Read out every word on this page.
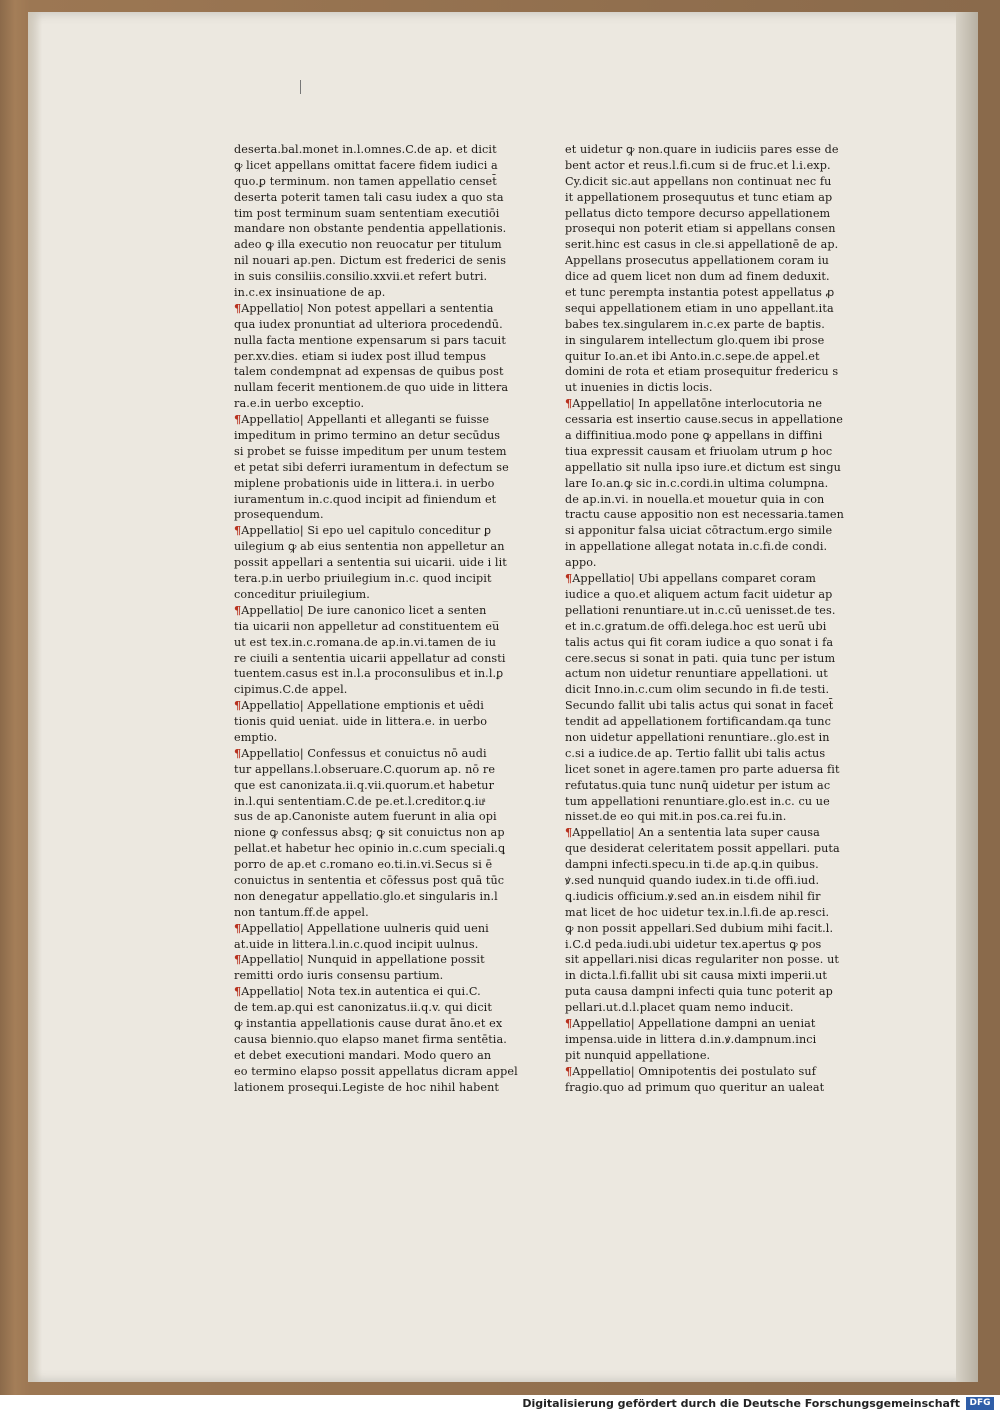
deserta.bal.monet in.l.omnes.C.de ap. et dicit
ꝙ licet appellans omittat facere fidem iudici a
quo.ꝑ terminum. non tamen appellatio censet̄
deserta poterit tamen tali casu iudex a quo sta
tim post terminum suam sententiam executiōi
mandare non obstante pendentia appellationis.
adeo ꝙ illa executio non reuocatur per titulum
nil nouari ap.pen. Dictum est frederici de senis
in suis consiliis.consilio.xxvii.et refert butri.
in.c.ex insinuatione de ap.
¶Appellatio| Non potest appellari a sententia
qua iudex pronuntiat ad ulteriora procedendū.
nulla facta mentione expensarum si pars tacuit
per.xv.dies. etiam si iudex post illud tempus
talem condempnat ad expensas de quibus post
nullam fecerit mentionem.de quo uide in littera
ra.e.in uerbo exceptio.
¶Appellatio| Appellanti et alleganti se fuisse
impeditum in primo termino an detur secūdus
si probet se fuisse impeditum per unum testem
et petat sibi deferri iuramentum in defectum se
miplene probationis uide in littera.i. in uerbo
iuramentum in.c.quod incipit ad finiendum et
prosequendum.
¶Appellatio| Si epo uel capitulo conceditur ꝑ
uilegium ꝙ ab eius sententia non appelletur an
possit appellari a sententia sui uicarii. uide i lit
tera.p.in uerbo priuilegium in.c. quod incipit
conceditur priuilegium.
¶Appellatio| De iure canonico licet a senten
tia uicarii non appelletur ad constituentem eu̅
ut est tex.in.c.romana.de ap.in.vi.tamen de iu
re ciuili a sententia uicarii appellatur ad consti
tuentem.casus est in.l.a proconsulibus et in.l.ꝑ
cipimus.C.de appel.
¶Appellatio| Appellatione emptionis et uēdi
tionis quid ueniat. uide in littera.e. in uerbo
emptio.
¶Appellatio| Confessus et conuictus nō audi
tur appellans.l.obseruare.C.quorum ap. nō re
que est canonizata.ii.q.vii.quorum.et habetur
in.l.qui sententiam.C.de pe.et.l.creditor.ꝗ.iuͣ
sus de ap.Canoniste autem fuerunt in alia opi
nione ꝙ confessus absq; ꝙ sit conuictus non ap
pellat.et habetur hec opinio in.c.cum speciali.ꝗ
porro de ap.et c.romano eo.ti.in.vi.Secus si ē
conuictus in sententia et cōfessus post quā tūc
non denegatur appellatio.glo.et singularis in.l
non tantum.ff.de appel.
¶Appellatio| Appellatione uulneris quid ueni
at.uide in littera.l.in.c.quod incipit uulnus.
¶Appellatio| Nunquid in appellatione possit
remitti ordo iuris consensu partium.
¶Appellatio| Nota tex.in autentica ei qui.C.
de tem.ap.qui est canonizatus.ii.q.v. qui dicit
ꝙ instantia appellationis cause durat āno.et ex
causa biennio.quo elapso manet firma sentētia.
et debet executioni mandari. Modo quero an
eo termino elapso possit appellatus dicram appel
lationem prosequi.Legiste de hoc nihil habent
et uidetur ꝙ non.quare in iudiciis pares esse de
bent actor et reus.l.fi.cum si de fruc.et l.i.exp.
Cy.dicit sic.aut appellans non continuat nec fu
it appellationem prosequutus et tunc etiam ap
pellatus dicto tempore decurso appellationem
prosequi non poterit etiam si appellans consen
serit.hinc est casus in cle.si appellationē de ap.
Appellans prosecutus appellationem coram iu
dice ad quem licet non dum ad finem deduxit.
et tunc perempta instantia potest appellatus ꝓ
sequi appellationem etiam in uno appellant.ita
babes tex.singularem in.c.ex parte de baptis.
in singularem intellectum glo.quem ibi prose
quitur Io.an.et ibi Anto.in.c.sepe.de appel.et
domini de rota et etiam prosequitur fredericu s
ut inuenies in dictis locis.
¶Appellatio| In appellatōne interlocutoria ne
cessaria est insertio cause.secus in appellatione
a diffinitiua.modo pone ꝙ appellans in diffini
tiua expressit causam et friuolam utrum ꝑ hoc
appellatio sit nulla ipso iure.et dictum est singu
lare Io.an.ꝙ sic in.c.cordi.in ultima columpna.
de ap.in.vi. in nouella.et mouetur quia in con
tractu cause appositio non est necessaria.tamen
si apponitur falsa uiciat cōtractum.ergo simile
in appellatione allegat notata in.c.fi.de condi.
appo.
¶Appellatio| Ubi appellans comparet coram
iudice a quo.et aliquem actum facit uidetur ap
pellationi renuntiare.ut in.c.cū uenisset.de tes.
et in.c.gratum.de offi.delega.hoc est uerū ubi
talis actus qui fit coram iudice a quo sonat i fa
cere.secus si sonat in pati. quia tunc per istum
actum non uidetur renuntiare appellationi. ut
dicit Inno.in.c.cum olim secundo in fi.de testi.
Secundo fallit ubi talis actus qui sonat in facet̄
tendit ad appellationem fortificandam.qa tunc
non uidetur appellationi renuntiare..glo.est in
c.si a iudice.de ap. Tertio fallit ubi talis actus
licet sonet in agere.tamen pro parte aduersa fit
refutatus.quia tunc nunq̄ uidetur per istum ac
tum appellationi renuntiare.glo.est in.c. cu ue
nisset.de eo qui mit.in pos.ca.rei fu.in.
¶Appellatio| An a sententia lata super causa
que desiderat celeritatem possit appellari. puta
dampni infecti.specu.in ti.de ap.ꝗ.in quibus.
ꝟ.sed nunquid quando iudex.in ti.de offi.iud.
ꝗ.iudicis officium.ꝟ.sed an.in eisdem nihil fir
mat licet de hoc uidetur tex.in.l.fi.de ap.resci.
ꝙ non possit appellari.Sed dubium mihi facit.l.
i.C.d peda.iudi.ubi uidetur tex.apertus ꝙ pos
sit appellari.nisi dicas regulariter non posse. ut
in dicta.l.fi.fallit ubi sit causa mixti imperii.ut
puta causa dampni infecti quia tunc poterit ap
pellari.ut.d.l.placet quam nemo inducit.
¶Appellatio| Appellatione dampni an ueniat
impensa.uide in littera d.in.ꝟ.dampnum.inci
pit nunquid appellatione.
¶Appellatio| Omnipotentis dei postulato suf
fragio.quo ad primum quo queritur an ualeat
Digitalisierung gefördert durch die Deutsche Forschungsgemeinschaft	DFG
